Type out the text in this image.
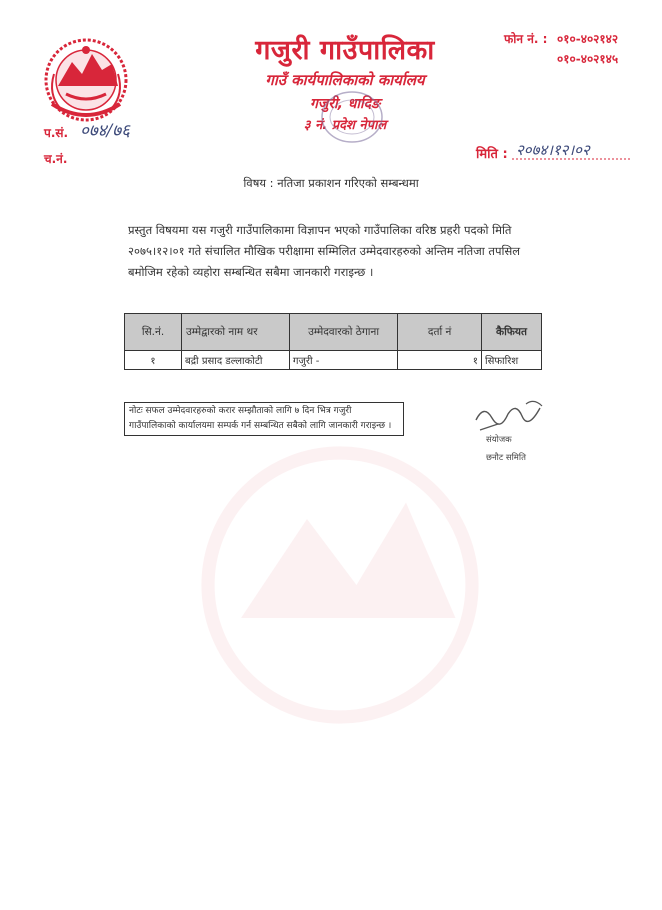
गजुरी गाउँपालिका
गाउँ कार्यपालिकाको कार्यालय
गजुरी, धादिङ
३ नं. प्रदेश नेपाल
फोन नं. : ०१०-४०२१४२
०१०-४०२१४५
प.सं. ०७४/७६
च.नं.	मिति : २०७४।१२।०२
विषय : नतिजा प्रकाशन गरिएको सम्बन्धमा
प्रस्तुत विषयमा यस गजुरी गाउँपालिकामा विज्ञापन भएको गाउँपालिका वरिष्ठ प्रहरी पदको मिति २०७५।१२।०१ गते संचालित मौखिक परीक्षामा सम्मिलित उम्मेदवारहरुको अन्तिम नतिजा तपसिल बमोजिम रहेको व्यहोरा सम्बन्धित सबैमा जानकारी गराइन्छ ।
सि.नं.	उम्मेद्वारको नाम थर	उम्मेदवारको ठेगाना	दर्ता नं	कैफियत
१	बद्री प्रसाद डल्लाकोटी	गजुरी -	१	सिफारिश
नोटः सफल उम्मेदवारहरुको करार सम्झौताको लागि ७ दिन भित्र गजुरी गाउँपालिकाको कार्यालयमा सम्पर्क गर्न सम्बन्धित सबैको लागि जानकारी गराइन्छ ।
संयोजक
छनौट समिति
